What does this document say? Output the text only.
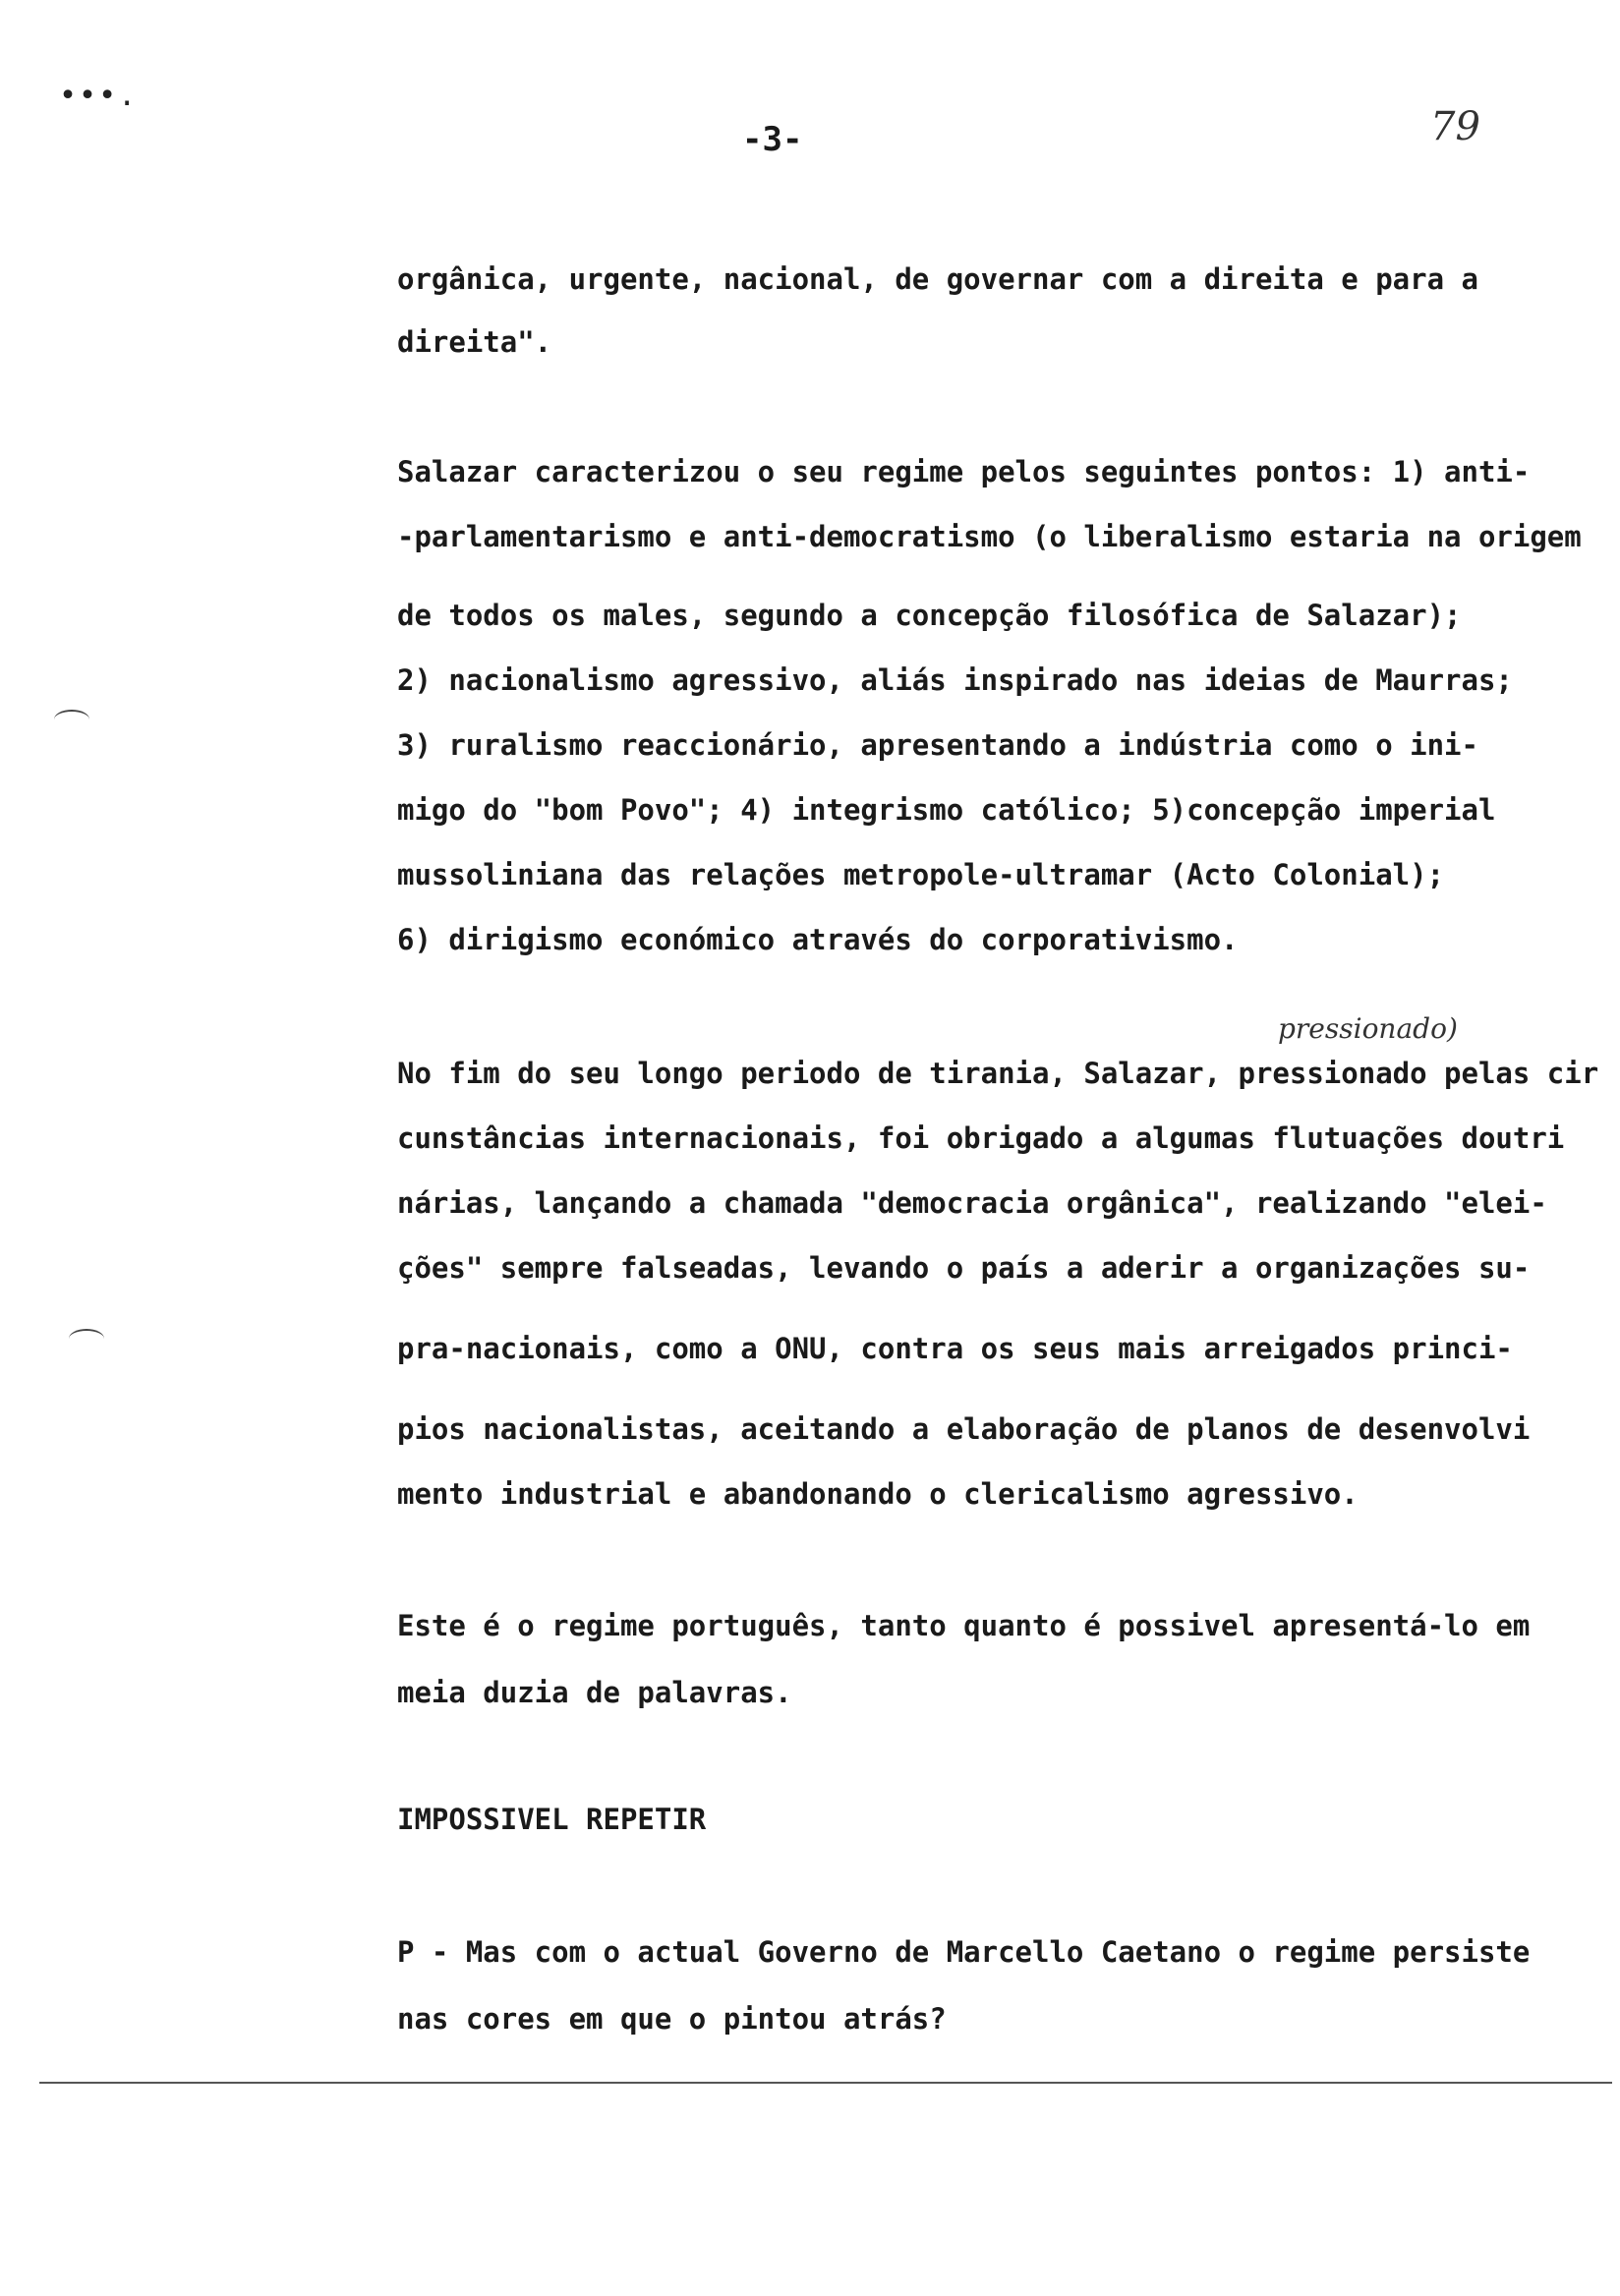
•••.
-3-	79
orgânica, urgente, nacional, de governar com a direita e para a
direita".
Salazar caracterizou o seu regime pelos seguintes pontos: 1) anti-
-parlamentarismo e anti-democratismo (o liberalismo estaria na origem
de todos os males, segundo a concepção filosófica de Salazar);
2) nacionalismo agressivo, aliás inspirado nas ideias de Maurras;
3) ruralismo reaccionário, apresentando a indústria como o ini-
migo do "bom Povo"; 4) integrismo católico; 5)concepção imperial
mussoliniana das relações metropole-ultramar (Acto Colonial);
6) dirigismo económico através do corporativismo.
pressionado)
No fim do seu longo periodo de tirania, Salazar, pressionado pelas cir
cunstâncias internacionais, foi obrigado a algumas flutuações doutri
nárias, lançando a chamada "democracia orgânica", realizando "elei-
ções" sempre falseadas, levando o país a aderir a organizações su-
pra-nacionais, como a ONU, contra os seus mais arreigados princi-
pios nacionalistas, aceitando a elaboração de planos de desenvolvi
mento industrial e abandonando o clericalismo agressivo.
Este é o regime português, tanto quanto é possivel apresentá-lo em
meia duzia de palavras.
IMPOSSIVEL REPETIR
P - Mas com o actual Governo de Marcello Caetano o regime persiste
nas cores em que o pintou atrás?
